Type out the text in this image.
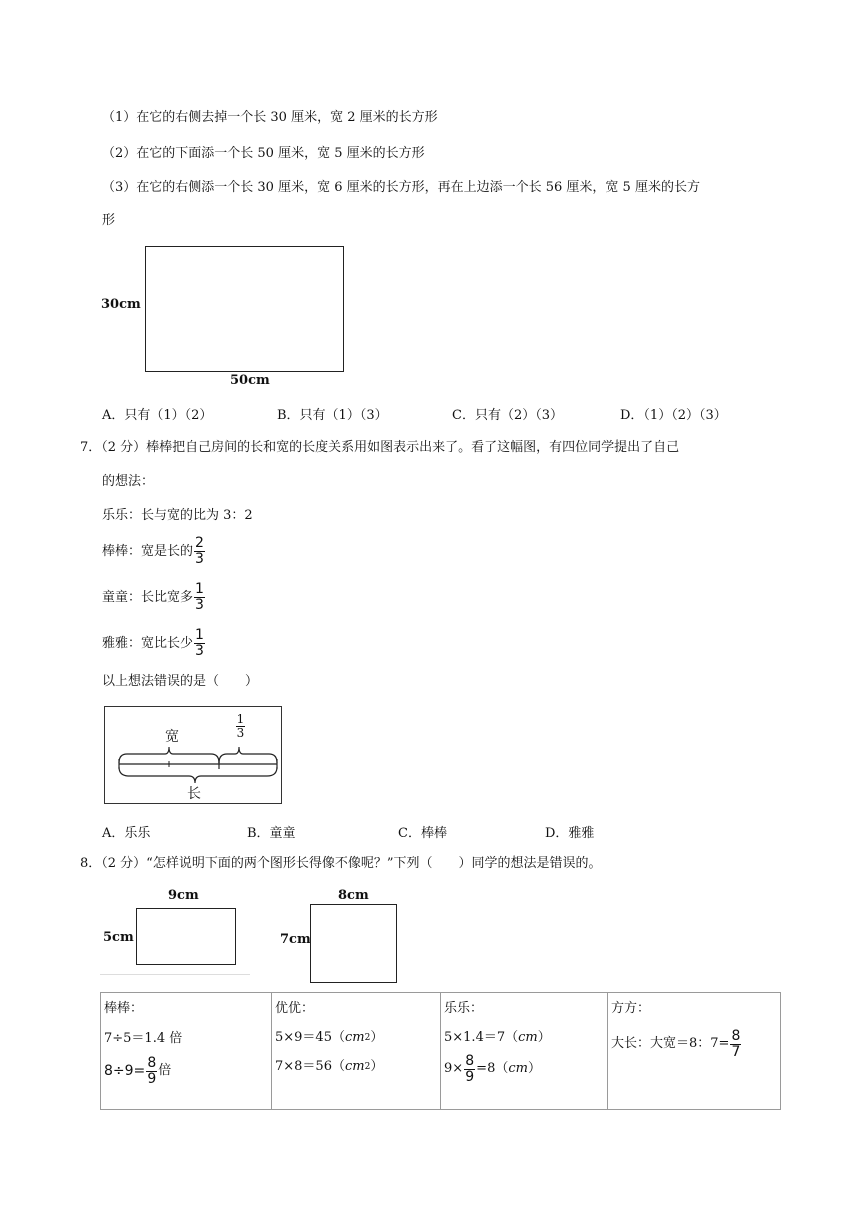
（1）在它的右侧去掉一个长 30 厘米，宽 2 厘米的长方形
（2）在它的下面添一个长 50 厘米，宽 5 厘米的长方形
（3）在它的右侧添一个长 30 厘米，宽 6 厘米的长方形，再在上边添一个长 56 厘米，宽 5 厘米的长方
形
30cm
50cm
A．只有（1）（2）	B．只有（1）（3）	C．只有（2）（3）	D．（1）（2）（3）
7．（2 分）棒棒把自己房间的长和宽的长度关系用如图表示出来了。看了这幅图，有四位同学提出了自己
的想法：
乐乐：长与宽的比为 3：2
棒棒：宽是长的 $\frac{2}{3}$
童童：长比宽多 $\frac{1}{3}$
雅雅：宽比长少 $\frac{1}{3}$
以上想法错误的是（　　）
宽	$\frac{1}{3}$
长
A．乐乐	B．童童	C．棒棒	D．雅雅
8．（2 分）“怎样说明下面的两个图形长得像不像呢？”下列（　　）同学的想法是错误的。
9cm
5cm
8cm
7cm
棒棒：
7÷5＝1.4 倍
$8\div 9= \frac{8}{9}$ 倍

优优：
5×9＝45（ cm 2 ）
7×8＝56（ cm 2 ）

乐乐：
5×1.4＝7（ cm ）
$9\times \frac{8}{9} =8$（ cm ）

方方：
大长：大宽＝8：$7= \frac{8}{7}$
